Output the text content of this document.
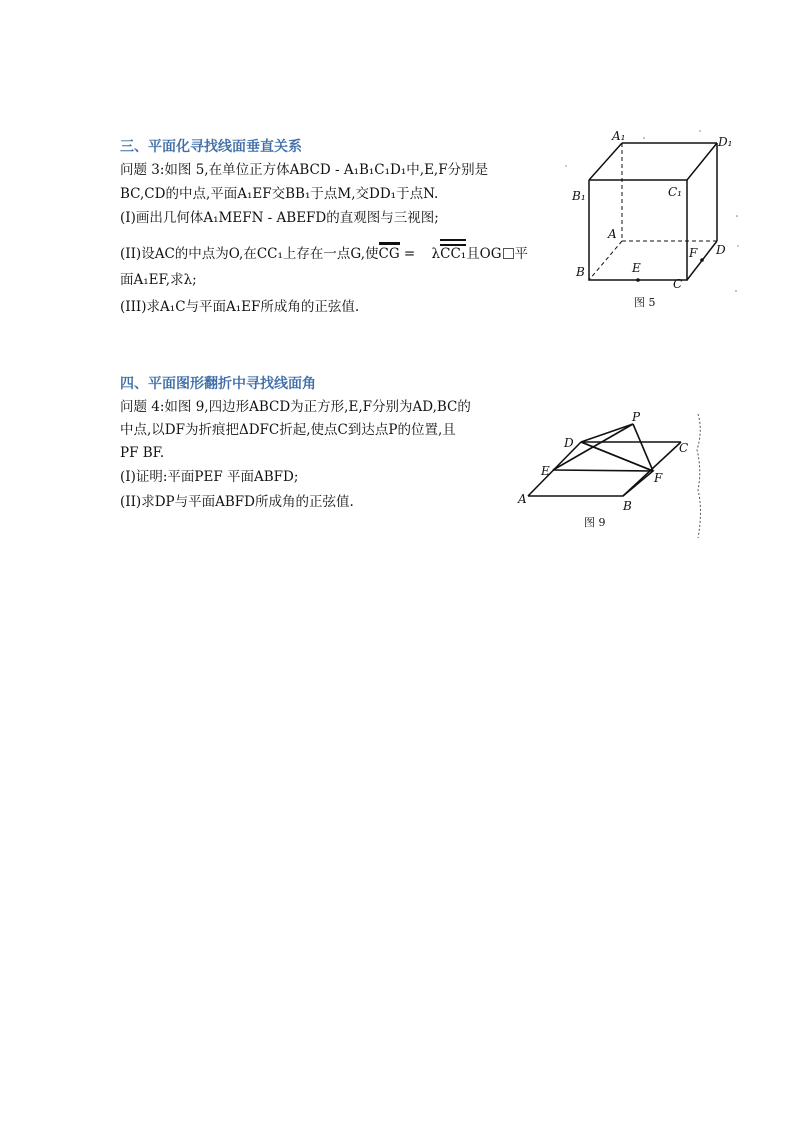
三、平面化寻找线面垂直关系
问题 3:如图 5,在单位正方体ABCD - A₁B₁C₁D₁中,E,F分别是
BC,CD的中点,平面A₁EF交BB₁于点M,交DD₁于点N.
(I)画出几何体A₁MEFN - ABEFD的直观图与三视图;
(II)设AC的中点为O,在CC₁上存在一点G,使CG = λCC₁且OG 平
面A₁EF,求λ;
(III)求A₁C与平面A₁EF所成角的正弦值.
A₁	D₁
B₁	C₁
A
D
B
C
E
F
图 5
四、平面图形翻折中寻找线面角
问题 4:如图 9,四边形ABCD为正方形,E,F分别为AD,BC的
中点,以DF为折痕把ΔDFC折起,使点C到达点P的位置,且
PF BF.
(I)证明:平面PEF 平面ABFD;
(II)求DP与平面ABFD所成角的正弦值.
P
D	C
E	F
A	B
图 9
